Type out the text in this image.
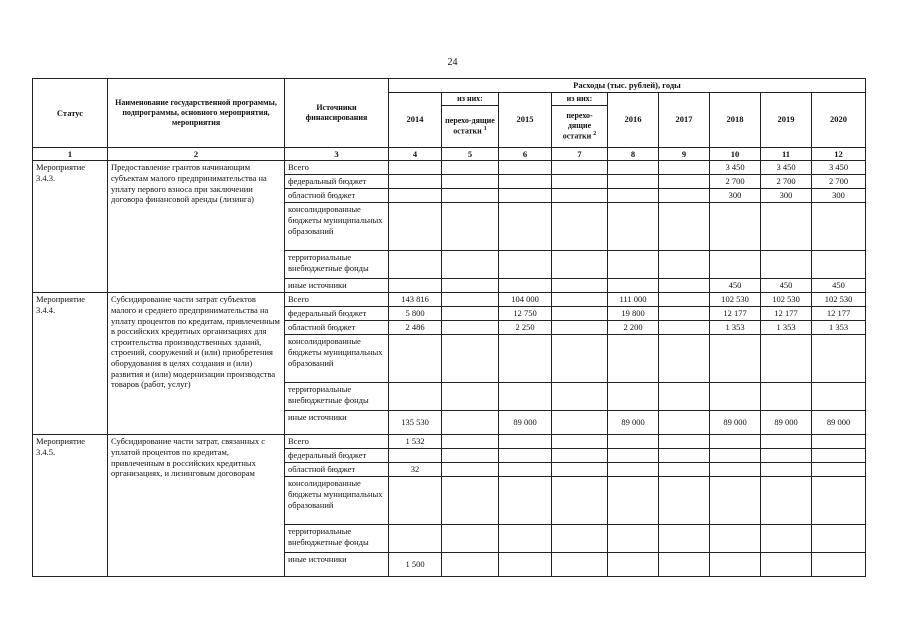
24
Статус	Наименование государственной программы, подпрограммы, основного мероприятия, мероприятия	Источники финансирования	Расходы (тыс. рублей), годы								
			2014	из них:	2015	из них:	2016	2017	2018	2019	2020
				перехо-дящие остатки $^1$		перехо-дящие остатки $^2$
1	2	3	4	5	6	7	8	9	10	11	12
Мероприятие 3.4.3.	Предоставление грантов начинающим субъектам малого предпринимательства на уплату первого взноса при заключении договора финансовой аренды (лизинга)	Всего							3 450	3 450	3 450
		федеральный бюджет							2 700	2 700	2 700
		областной бюджет							300	300	300
		консолидированные бюджеты муниципальных образований									
		территориальные внебюджетные фонды									
		иные источники							450	450	450
Мероприятие 3.4.4.	Субсидирование части затрат субъектов малого и среднего предпринимательства на уплату процентов по кредитам, привлеченным в российских кредитных организациях для строительства производственных зданий, строений, сооружений и (или) приобретения оборудования в целях создания и (или) развития и (или) модернизации производства товаров (работ, услуг)	Всего	143 816		104 000		111 000		102 530	102 530	102 530
		федеральный бюджет	5 800		12 750		19 800		12 177	12 177	12 177
		областной бюджет	2 486		2 250		2 200		1 353	1 353	1 353
		консолидированные бюджеты муниципальных образований									
		территориальные внебюджетные фонды									
		иные источники	135 530		89 000		89 000		89 000	89 000	89 000
Мероприятие 3.4.5.	Субсидирование части затрат, связанных с уплатой процентов по кредитам, привлеченным в российских кредитных организациях, и лизинговым договорам	Всего	1 532								
		федеральный бюджет									
		областной бюджет	32								
		консолидированные бюджеты муниципальных образований									
		территориальные внебюджетные фонды									
		иные источники	1 500								
